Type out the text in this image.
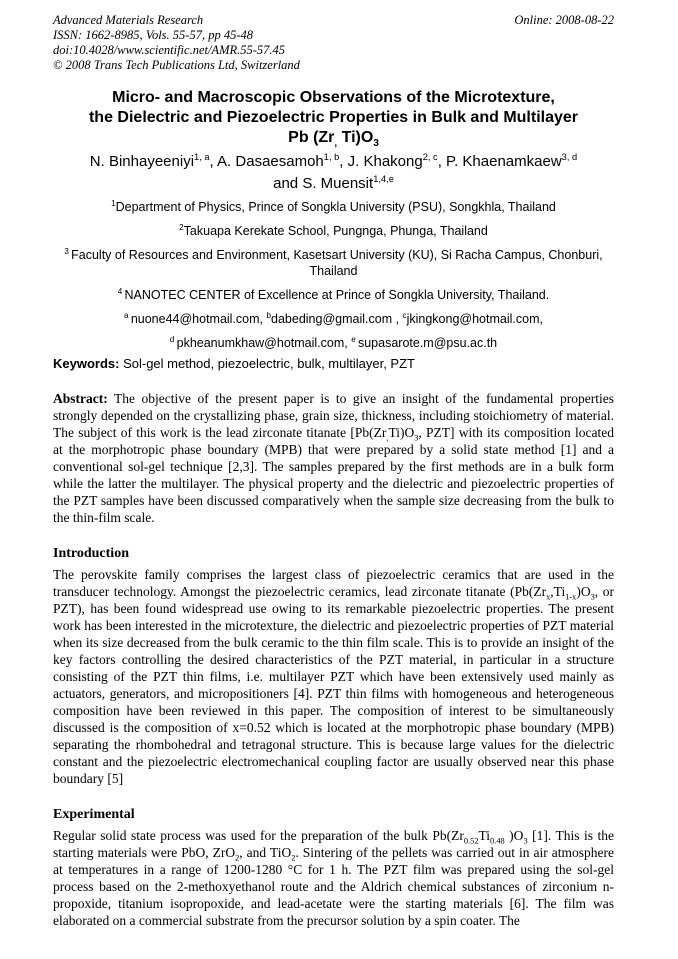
Advanced Materials Research
ISSN: 1662-8985, Vols. 55-57, pp 45-48
doi:10.4028/www.scientific.net/AMR.55-57.45
© 2008 Trans Tech Publications Ltd, Switzerland
Online: 2008-08-22
Micro- and Macroscopic Observations of the Microtexture,
the Dielectric and Piezoelectric Properties in Bulk and Multilayer
Pb ($Zr_,$ $Ti)O_3$
N. Binhayeeniyi$^{1, a}$, A. Dasaesamoh$^{1, b}$, J. Khakong$^{2, c}$, P. Khaenamkaew$^{3, d}$
and S. Muensit$^{1,4,e}$
$^1$Department of Physics, Prince of Songkla University (PSU), Songkhla, Thailand
$^2$Takuapa Kerekate School, Pungnga, Phunga, Thailand
$^3$ Faculty of Resources and Environment, Kasetsart University (KU), Si Racha Campus, Chonburi, Thailand
$^4$ NANOTEC CENTER of Excellence at Prince of Songkla University, Thailand.
$^a$ nuone44@hotmail.com, $^b$dabeding@gmail.com , $^c$jkingkong@hotmail.com,
$^d$ pkheanumkhaw@hotmail.com, $^e$ supasarote.m@psu.ac.th
Keywords: Sol-gel method, piezoelectric, bulk, multilayer, PZT

Abstract: The objective of the present paper is to give an insight of the fundamental properties strongly depended on the crystallizing phase, grain size, thickness, including stoichiometry of material. The subject of this work is the lead zirconate titanate [$Pb(Zr_,Ti)O_3$, PZT] with its composition located at the morphotropic phase boundary (MPB) that were prepared by a solid state method [1] and a conventional sol-gel technique [2,3]. The samples prepared by the first methods are in a bulk form while the latter the multilayer. The physical property and the dielectric and piezoelectric properties of the PZT samples have been discussed comparatively when the sample size decreasing from the bulk to the thin-film scale.

Introduction

The perovskite family comprises the largest class of piezoelectric ceramics that are used in the transducer technology. Amongst the piezoelectric ceramics, lead zirconate titanate ($Pb(Zr_x,Ti_{1-x})O_3$, or PZT), has been found widespread use owing to its remarkable piezoelectric properties. The present work has been interested in the microtexture, the dielectric and piezoelectric properties of PZT material when its size decreased from the bulk ceramic to the thin film scale. This is to provide an insight of the key factors controlling the desired characteristics of the PZT material, in particular in a structure consisting of the PZT thin films, i.e. multilayer PZT which have been extensively used mainly as actuators, generators, and micropositioners [4]. PZT thin films with homogeneous and heterogeneous composition have been reviewed in this paper. The composition of interest to be simultaneously discussed is the composition of x=0.52 which is located at the morphotropic phase boundary (MPB) separating the rhombohedral and tetragonal structure. This is because large values for the dielectric constant and the piezoelectric electromechanical coupling factor are usually observed near this phase boundary [5]

Experimental

Regular solid state process was used for the preparation of the bulk $Pb(Zr_{0.52}Ti_{0.48}$ )$O_3$ [1]. This is the starting materials were PbO, ZrO$_2$, and TiO$_2$. Sintering of the pellets was carried out in air atmosphere at temperatures in a range of 1200-1280 °C for 1 h. The PZT film was prepared using the sol-gel process based on the 2-methoxyethanol route and the Aldrich chemical substances of zirconium n-propoxide, titanium isopropoxide, and lead-acetate were the starting materials [6]. The film was elaborated on a commercial substrate from the precursor solution by a spin coater. The
